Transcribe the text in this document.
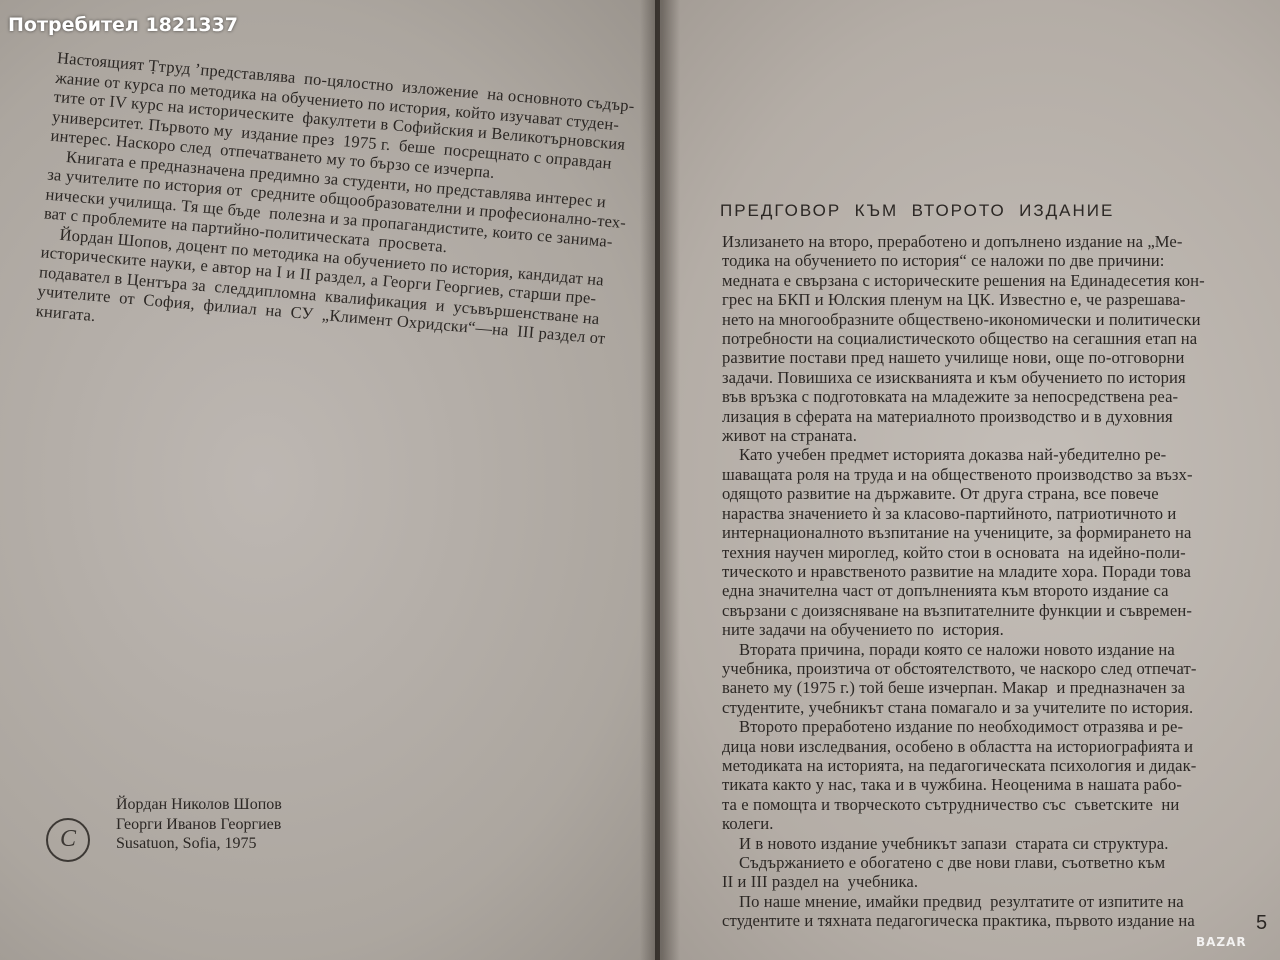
Настоящият Ṭтруд ʼпредставлява  по-цялостно  изложение  на основното съдър-
жание от курса по методика на обучението по история, който изучават студен-
тите от IV курс на историческите  факултети в Софийския и Великотърновския
университет. Първото му  издание през  1975 г.  беше  посрещнато с оправдан
интерес. Наскоро след  отпечатването му то бързо се изчерпа.
Книгата е предназначена предимно за студенти, но представлява интерес и
за учителите по история от  средните общообразователни и професионално-тех-
нически училища. Тя ще бъде  полезна и за пропагандистите, които се занима-
ват с проблемите на партийно-политическата  просвета.
Йордан Шопов, доцент по методика на обучението по история, кандидат на
историческите науки, е автор на I и II раздел, а Георги Георгиев, старши пре-
подавател в Центъра за  следдипломна  квалификация  и  усъвършенстване на
учителите  от  София,  филиал  на  СУ  „Климент Охридски“—на  III раздел от
книгата.

C

Йордан Николов Шопов
Георги Иванов Георгиев
Susatuon, Sofia, 1975

ПРЕДГОВОР  КЪМ  ВТОРОТО  ИЗДАНИЕ

Излизането на второ, преработено и допълнено издание на „Ме-
тодика на обучението по история“ се наложи по две причини:
медната е свързана с историческите решения на Единадесетия кон-
грес на БКП и Юлския пленум на ЦК. Известно е, че разрешава-
нето на многообразните обществено-икономически и политически
потребности на социалистическото общество на сегашния етап на
развитие постави пред нашето училище нови, още по-отговорни
задачи. Повишиха се изискванията и към обучението по история
във връзка с подготовката на младежите за непосредствена реа-
лизация в сферата на материалното производство и в духовния
живот на страната.
Като учебен предмет историята доказва най-убедително ре-
шаващата роля на труда и на общественото производство за възх-
одящото развитие на държавите. От друга страна, все повече
нараства значението ѝ за класово-партийното, патриотичното и
интернационалното възпитание на учениците, за формирането на
техния научен мироглед, който стои в основата  на идейно-поли-
тическото и нравственото развитие на младите хора. Поради това
една значителна част от допълненията към второто издание са
свързани с доизясняване на възпитателните функции и съвремен-
ните задачи на обучението по  история.
Втората причина, поради която се наложи новото издание на
учебника, произтича от обстоятелството, че наскоро след отпечат-
ването му (1975 г.) той беше изчерпан. Макар  и предназначен за
студентите, учебникът стана помагало и за учителите по история.
Второто преработено издание по необходимост отразява и ре-
дица нови изследвания, особено в областта на историографията и
методиката на историята, на педагогическата психология и дидак-
тиката както у нас, така и в чужбина. Неоценима в нашата рабо-
та е помощта и творческото сътрудничество със  съветските  ни
колеги.
И в новото издание учебникът запази  старата си структура.
Съдържанието е обогатено с две нови глави, съответно към
II и III раздел на  учебника.
По наше мнение, имайки предвид  резултатите от изпитите на
студентите и тяхната педагогическа практика, първото издание на	5
Потребител 1821337
BAZAR
